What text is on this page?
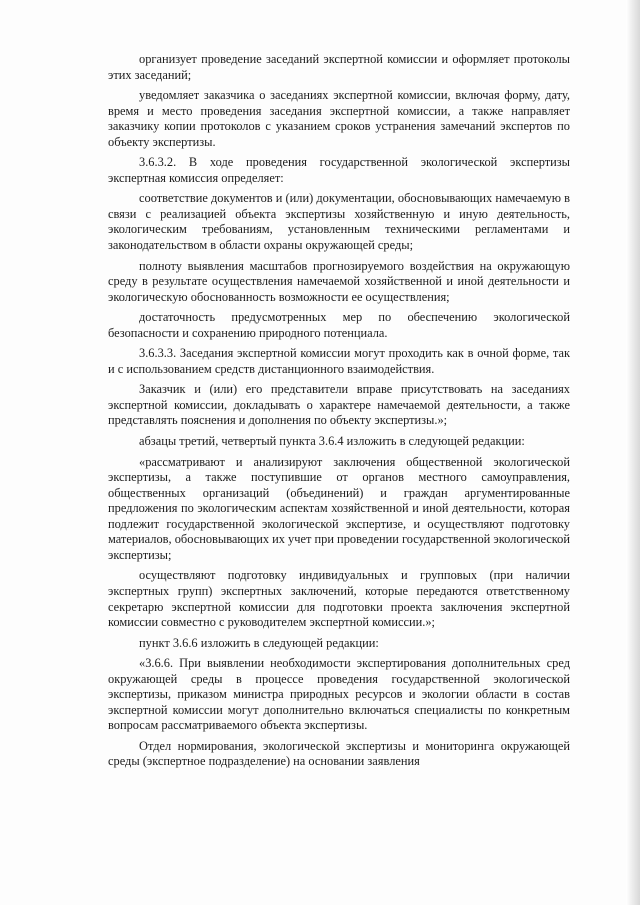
организует проведение заседаний экспертной комиссии и оформляет протоколы этих заседаний;

уведомляет заказчика о заседаниях экспертной комиссии, включая форму, дату, время и место проведения заседания экспертной комиссии, а также направляет заказчику копии протоколов с указанием сроков устранения замечаний экспертов по объекту экспертизы.

3.6.3.2. В ходе проведения государственной экологической экспертизы экспертная комиссия определяет:

соответствие документов и (или) документации, обосновывающих намечаемую в связи с реализацией объекта экспертизы хозяйственную и иную деятельность, экологическим требованиям, установленным техническими регламентами и законодательством в области охраны окружающей среды;

полноту выявления масштабов прогнозируемого воздействия на окружающую среду в результате осуществления намечаемой хозяйственной и иной деятельности и экологическую обоснованность возможности ее осуществления;

достаточность предусмотренных мер по обеспечению экологической безопасности и сохранению природного потенциала.

3.6.3.3. Заседания экспертной комиссии могут проходить как в очной форме, так и с использованием средств дистанционного взаимодействия.

Заказчик и (или) его представители вправе присутствовать на заседаниях экспертной комиссии, докладывать о характере намечаемой деятельности, а также представлять пояснения и дополнения по объекту экспертизы.»;

абзацы третий, четвертый пункта 3.6.4 изложить в следующей редакции:

«рассматривают и анализируют заключения общественной экологической экспертизы, а также поступившие от органов местного самоуправления, общественных организаций (объединений) и граждан аргументированные предложения по экологическим аспектам хозяйственной и иной деятельности, которая подлежит государственной экологической экспертизе, и осуществляют подготовку материалов, обосновывающих их учет при проведении государственной экологической экспертизы;

осуществляют подготовку индивидуальных и групповых (при наличии экспертных групп) экспертных заключений, которые передаются ответственному секретарю экспертной комиссии для подготовки проекта заключения экспертной комиссии совместно с руководителем экспертной комиссии.»;

пункт 3.6.6 изложить в следующей редакции:

«3.6.6. При выявлении необходимости экспертирования дополнительных сред окружающей среды в процессе проведения государственной экологической экспертизы, приказом министра природных ресурсов и экологии области в состав экспертной комиссии могут дополнительно включаться специалисты по конкретным вопросам рассматриваемого объекта экспертизы.

Отдел нормирования, экологической экспертизы и мониторинга окружающей среды (экспертное подразделение) на основании заявления
